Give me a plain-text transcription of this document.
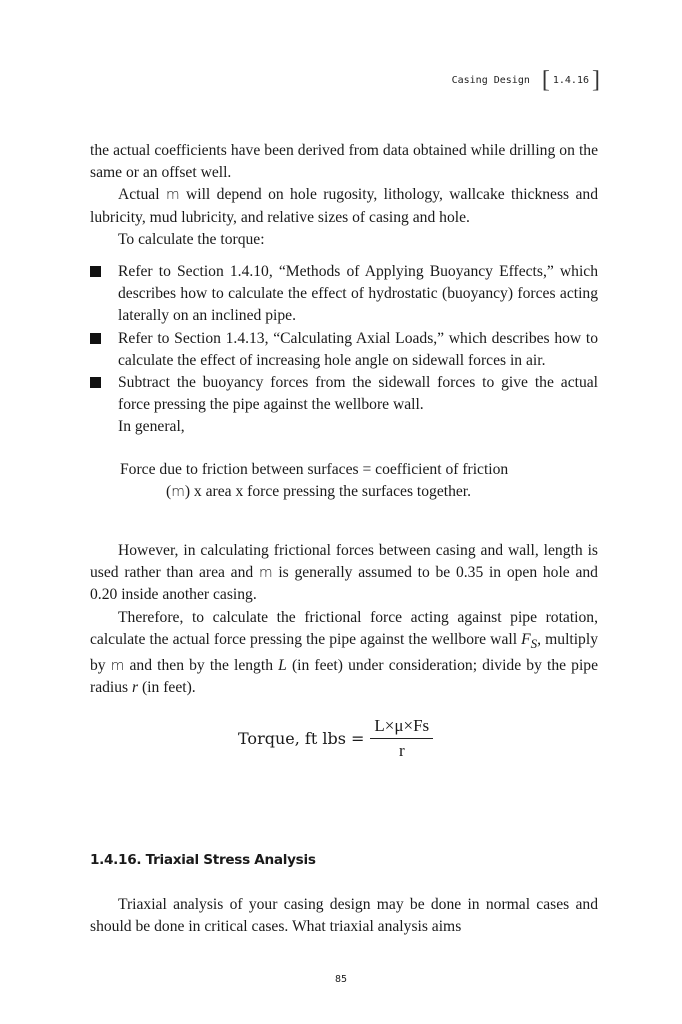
Casing Design [ 1.4.16 ]

the actual coefficients have been derived from data obtained while drilling on the same or an offset well.

Actual m will depend on hole rugosity, lithology, wallcake thickness and lubricity, mud lubricity, and relative sizes of casing and hole.

To calculate the torque:

Refer to Section 1.4.10, “Methods of Applying Buoyancy Effects,” which describes how to calculate the effect of hydrostatic (buoyancy) forces acting laterally on an inclined pipe.
Refer to Section 1.4.13, “Calculating Axial Loads,” which describes how to calculate the effect of increasing hole angle on sidewall forces in air.
Subtract the buoyancy forces from the sidewall forces to give the actual force pressing the pipe against the wellbore wall.

In general,

Force due to friction between surfaces = coefficient of friction
(m) x area x force pressing the surfaces together.

However, in calculating frictional forces between casing and wall, length is used rather than area and m is generally assumed to be 0.35 in open hole and 0.20 inside another casing.

Therefore, to calculate the frictional force acting against pipe rotation, calculate the actual force pressing the pipe against the wellbore wall $F_S$, multiply by m and then by the length L (in feet) under consideration; divide by the pipe radius r (in feet).

Torque, ft lbs = $\frac{L\times\mu\times Fs}{r}$
1.4.16. Triaxial Stress Analysis

Triaxial analysis of your casing design may be done in normal cases and should be done in critical cases. What triaxial analysis aims

85
